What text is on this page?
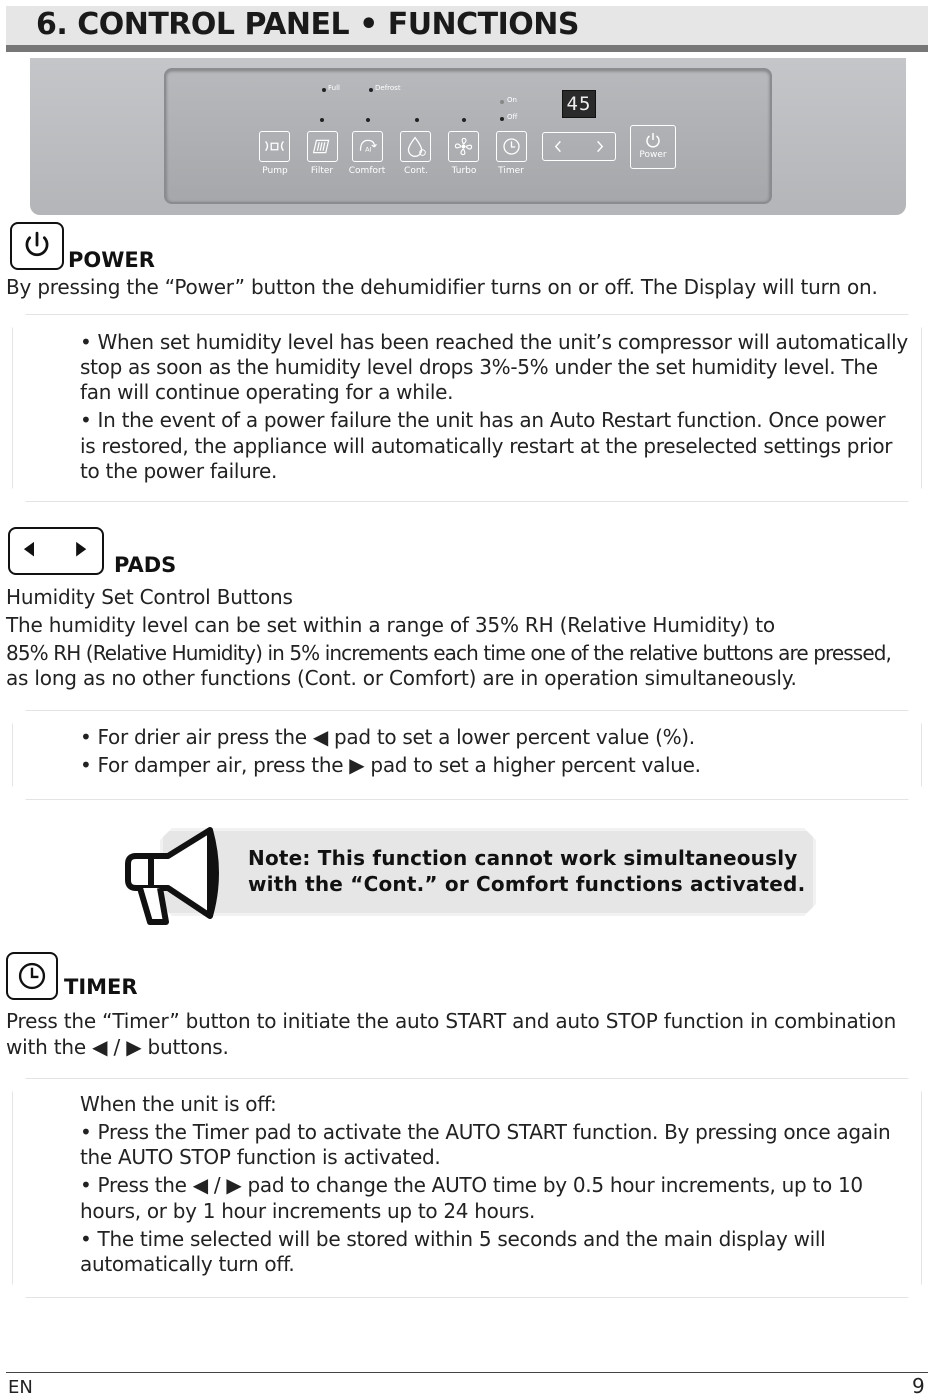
6. CONTROL PANEL • FUNCTIONS
Full	Defrost
On
Off
45
Pump	Filter
AI
Comfort	Cont.	Turbo	Timer
Power
POWER
By pressing the “Power” button the dehumidifier turns on or off. The Display will turn on.
• When set humidity level has been reached the unit’s compressor will automatically
stop as soon as the humidity level drops 3%-5% under the set humidity level. The
fan will continue operating for a while.
• In the event of a power failure the unit has an Auto Restart function. Once power
is restored, the appliance will automatically restart at the preselected settings prior
to the power failure.
PADS
Humidity Set Control Buttons
The humidity level can be set within a range of 35% RH (Relative Humidity) to
85% RH (Relative Humidity) in 5% increments each time one of the relative buttons are pressed,
as long as no other functions (Cont. or Comfort) are in operation simultaneously.
• For drier air press the ◀ pad to set a lower percent value (%).
• For damper air, press the ▶ pad to set a higher percent value.
Note: This function cannot work simultaneously
with the “Cont.” or Comfort functions activated.
TIMER
Press the “Timer” button to initiate the auto START and auto STOP function in combination
with the ◀ / ▶ buttons.
When the unit is off:
• Press the Timer pad to activate the AUTO START function. By pressing once again
the AUTO STOP function is activated.
• Press the ◀ / ▶ pad to change the AUTO time by 0.5 hour increments, up to 10
hours, or by 1 hour increments up to 24 hours.
• The time selected will be stored within 5 seconds and the main display will
automatically turn off.
EN	9
